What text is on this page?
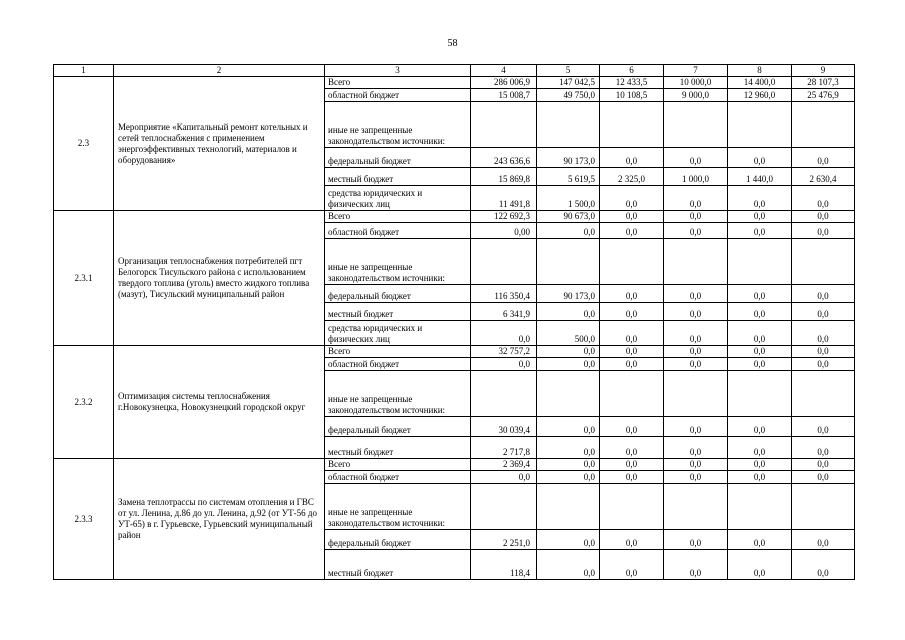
58
1	2	3	4	5	6	7	8	9
2.3	Мероприятие «Капитальный ремонт котельных и сетей теплоснабжения с применением энергоэффективных технологий, материалов и оборудования»	Всего	286 006,9	147 042,5	12 433,5	10 000,0	14 400,0	28 107,3
		областной бюджет	15 008,7	49 750,0	10 108,5	9 000,0	12 960,0	25 476,9
		иные не запрещенные законодательством источники:						
		федеральный бюджет	243 636,6	90 173,0	0,0	0,0	0,0	0,0
		местный бюджет	15 869,8	5 619,5	2 325,0	1 000,0	1 440,0	2 630,4
		средства юридических и физических лиц	11 491,8	1 500,0	0,0	0,0	0,0	0,0
2.3.1	Организация теплоснабжения потребителей пгт Белогорск Тисульского района с использованием твердого топлива (уголь) вместо жидкого топлива (мазут), Тисульский муниципальный район	Всего	122 692,3	90 673,0	0,0	0,0	0,0	0,0
		областной бюджет	0,00	0,0	0,0	0,0	0,0	0,0
		иные не запрещенные законодательством источники:						
		федеральный бюджет	116 350,4	90 173,0	0,0	0,0	0,0	0,0
		местный бюджет	6 341,9	0,0	0,0	0,0	0,0	0,0
		средства юридических и физических лиц	0,0	500,0	0,0	0,0	0,0	0,0
2.3.2	Оптимизация системы теплоснабжения г.Новокузнецка, Новокузнецкий городской округ	Всего	32 757,2	0,0	0,0	0,0	0,0	0,0
		областной бюджет	0,0	0,0	0,0	0,0	0,0	0,0
		иные не запрещенные законодательством источники:						
		федеральный бюджет	30 039,4	0,0	0,0	0,0	0,0	0,0
		местный бюджет	2 717,8	0,0	0,0	0,0	0,0	0,0
2.3.3	Замена теплотрассы по системам отопления и ГВС от ул. Ленина, д.86 до ул. Ленина, д.92 (от УТ-56 до УТ-65) в г. Гурьевске, Гурьевский муниципальный район	Всего	2 369,4	0,0	0,0	0,0	0,0	0,0
		областной бюджет	0,0	0,0	0,0	0,0	0,0	0,0
		иные не запрещенные законодательством источники:						
		федеральный бюджет	2 251,0	0,0	0,0	0,0	0,0	0,0
		местный бюджет	118,4	0,0	0,0	0,0	0,0	0,0
